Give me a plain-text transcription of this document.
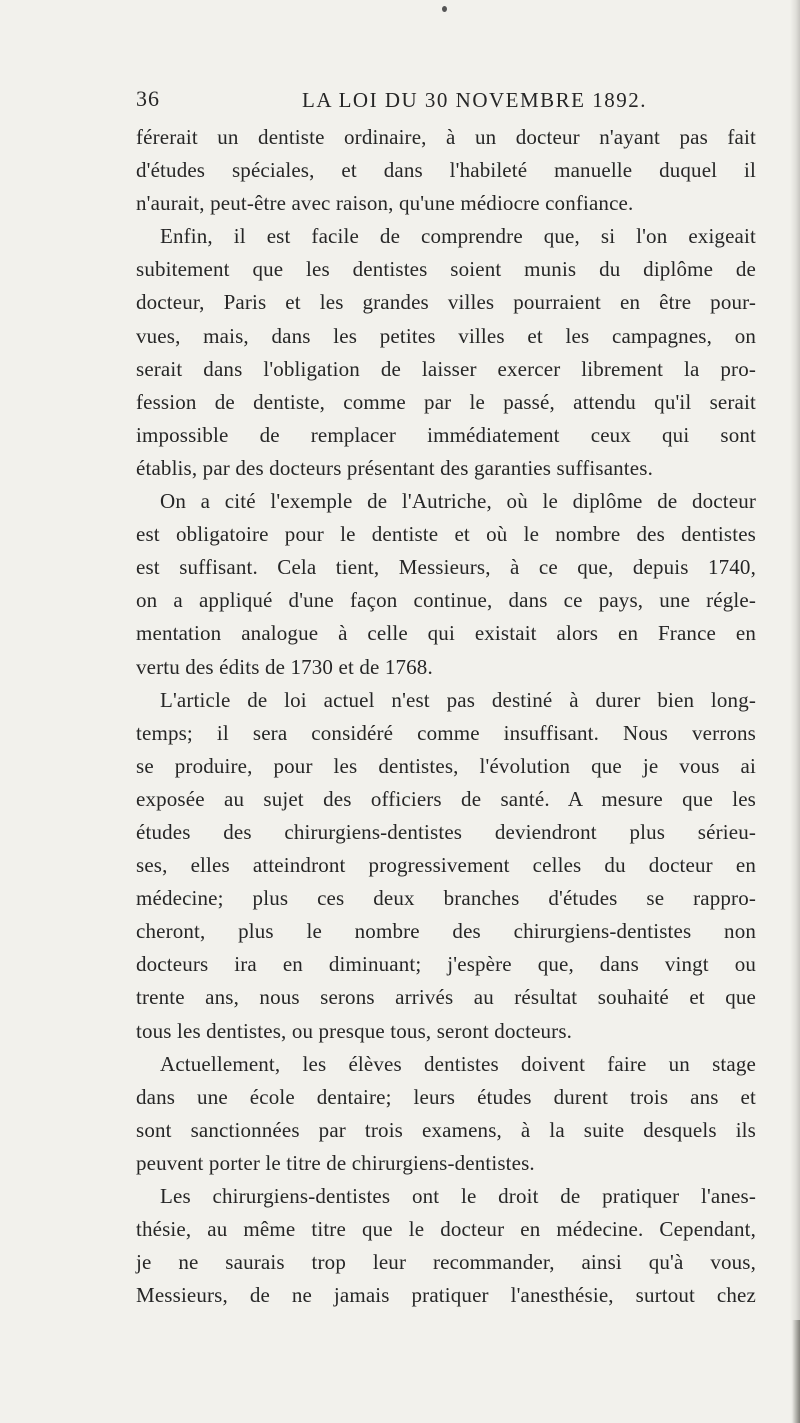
36	LA LOI DU 30 NOVEMBRE 1892.
férerait un dentiste ordinaire, à un docteur n'ayant pas fait
d'études spéciales, et dans l'habileté manuelle duquel il
n'aurait, peut-être avec raison, qu'une médiocre confiance.
Enfin, il est facile de comprendre que, si l'on exigeait
subitement que les dentistes soient munis du diplôme de
docteur, Paris et les grandes villes pourraient en être pour-
vues, mais, dans les petites villes et les campagnes, on
serait dans l'obligation de laisser exercer librement la pro-
fession de dentiste, comme par le passé, attendu qu'il serait
impossible de remplacer immédiatement ceux qui sont
établis, par des docteurs présentant des garanties suffisantes.
On a cité l'exemple de l'Autriche, où le diplôme de docteur
est obligatoire pour le dentiste et où le nombre des dentistes
est suffisant. Cela tient, Messieurs, à ce que, depuis 1740,
on a appliqué d'une façon continue, dans ce pays, une régle-
mentation analogue à celle qui existait alors en France en
vertu des édits de 1730 et de 1768.
L'article de loi actuel n'est pas destiné à durer bien long-
temps; il sera considéré comme insuffisant. Nous verrons
se produire, pour les dentistes, l'évolution que je vous ai
exposée au sujet des officiers de santé. A mesure que les
études des chirurgiens-dentistes deviendront plus sérieu-
ses, elles atteindront progressivement celles du docteur en
médecine; plus ces deux branches d'études se rappro-
cheront, plus le nombre des chirurgiens-dentistes non
docteurs ira en diminuant; j'espère que, dans vingt ou
trente ans, nous serons arrivés au résultat souhaité et que
tous les dentistes, ou presque tous, seront docteurs.
Actuellement, les élèves dentistes doivent faire un stage
dans une école dentaire; leurs études durent trois ans et
sont sanctionnées par trois examens, à la suite desquels ils
peuvent porter le titre de chirurgiens-dentistes.
Les chirurgiens-dentistes ont le droit de pratiquer l'anes-
thésie, au même titre que le docteur en médecine. Cependant,
je ne saurais trop leur recommander, ainsi qu'à vous,
Messieurs, de ne jamais pratiquer l'anesthésie, surtout chez
